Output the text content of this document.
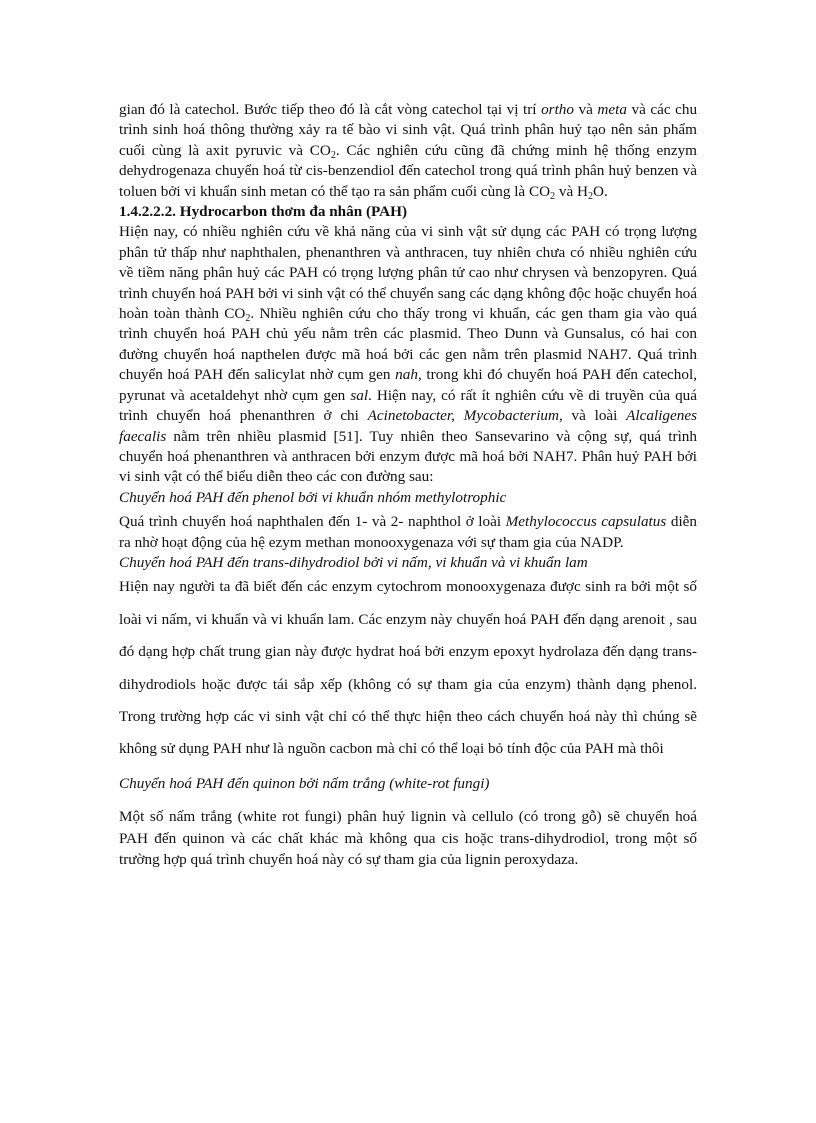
gian đó là catechol. Bước tiếp theo đó là cắt vòng catechol tại vị trí ortho và meta và các chu trình sinh hoá thông thường xảy ra tế bào vi sinh vật. Quá trình phân huỷ tạo nên sản phẩm cuối cùng là axit pyruvic và $CO_2$. Các nghiên cứu cũng đã chứng minh hệ thống enzym dehydrogenaza chuyển hoá từ cis-benzendiol đến catechol trong quá trình phân huỷ benzen và toluen bởi vi khuẩn sinh metan có thể tạo ra sản phẩm cuối cùng là $CO_2$ và $H_2O$.

1.4.2.2.2. Hydrocarbon thơm đa nhân (PAH)

Hiện nay, có nhiều nghiên cứu về khả năng của vi sinh vật sử dụng các PAH có trọng lượng phân tử thấp như naphthalen, phenanthren và anthracen, tuy nhiên chưa có nhiều nghiên cứu về tiềm năng phân huỷ các PAH có trọng lượng phân tử cao như chrysen và benzopyren. Quá trình chuyển hoá PAH bởi vi sinh vật có thể chuyển sang các dạng không độc hoặc chuyển hoá hoàn toàn thành $CO_2$. Nhiều nghiên cứu cho thấy trong vi khuẩn, các gen tham gia vào quá trình chuyển hoá PAH chủ yếu nằm trên các plasmid. Theo Dunn và Gunsalus, có hai con đường chuyển hoá napthelen được mã hoá bởi các gen nằm trên plasmid NAH7. Quá trình chuyển hoá PAH đến salicylat nhờ cụm gen nah, trong khi đó chuyển hoá PAH đến catechol, pyrunat và acetaldehyt nhờ cụm gen sal. Hiện nay, có rất ít nghiên cứu về di truyền của quá trình chuyển hoá phenanthren ở chi Acinetobacter, Mycobacterium, và loài Alcaligenes faecalis nằm trên nhiều plasmid [51]. Tuy nhiên theo Sansevarino và cộng sự, quá trình chuyển hoá phenanthren và anthracen bởi enzym được mã hoá bởi NAH7. Phân huỷ PAH bởi vi sinh vật có thể biểu diễn theo các con đường sau:

Chuyển hoá PAH đến phenol bởi vi khuẩn nhóm methylotrophic

Quá trình chuyển hoá naphthalen đến 1- và 2- naphthol ở loài Methylococcus capsulatus diễn ra nhờ hoạt động của hệ ezym methan monooxygenaza với sự tham gia của NADP.

Chuyển hoá PAH đến trans-dihydrodiol bởi vi nấm, vi khuẩn và vi khuẩn lam

Hiện nay người ta đã biết đến các enzym cytochrom monooxygenaza được sinh ra bởi một số loài vi nấm, vi khuẩn và vi khuẩn lam. Các enzym này chuyển hoá PAH đến dạng arenoit , sau đó dạng hợp chất trung gian này được hydrat hoá bởi enzym epoxyt hydrolaza đến dạng trans-dihydrodiols hoặc được tái sắp xếp (không có sự tham gia của enzym) thành dạng phenol. Trong trường hợp các vi sinh vật chỉ có thể thực hiện theo cách chuyển hoá này thì chúng sẽ không sử dụng PAH như là nguồn cacbon mà chỉ có thể loại bỏ tính độc của PAH mà thôi

Chuyển hoá PAH đến quinon bởi nấm trắng (white-rot fungi)

Một số nấm trắng (white rot fungi) phân huỷ lignin và cellulo (có trong gỗ) sẽ chuyển hoá PAH đến quinon và các chất khác mà không qua cis hoặc trans-dihydrodiol, trong một số trường hợp quá trình chuyển hoá này có sự tham gia của lignin peroxydaza.
